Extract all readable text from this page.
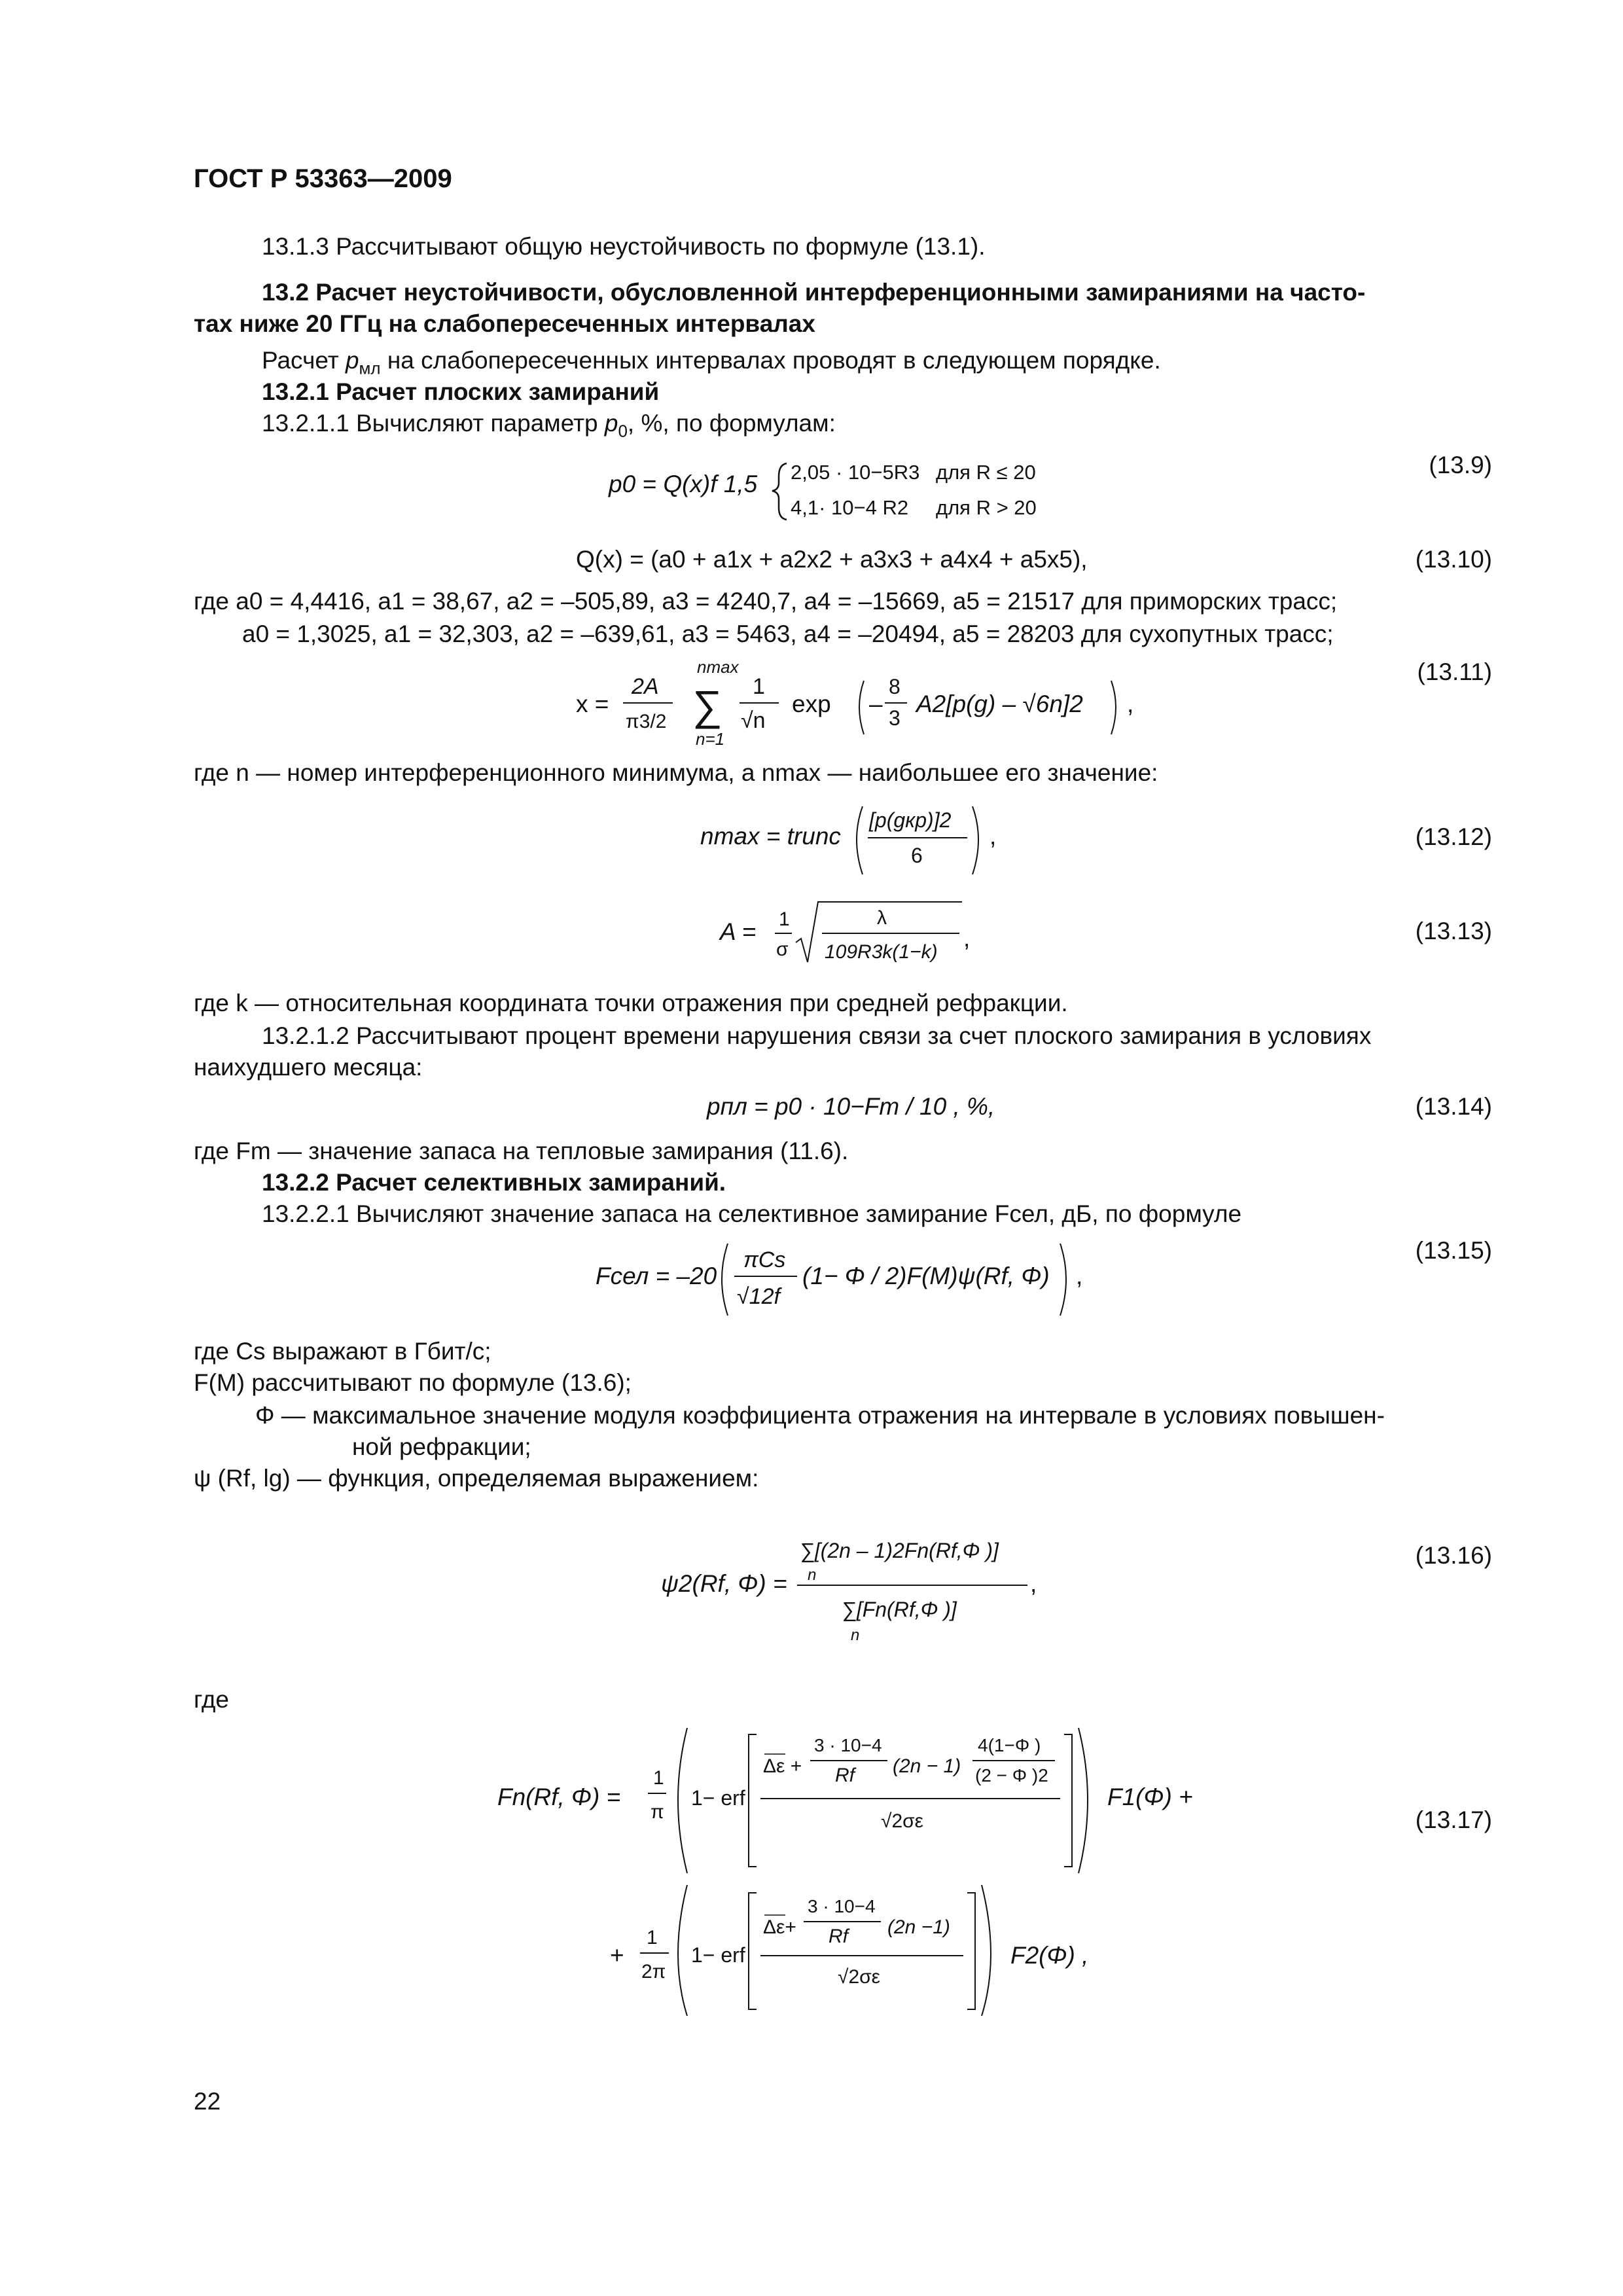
ГОСТ Р 53363—2009
13.1.3 Рассчитывают общую неустойчивость по формуле (13.1).
13.2 Расчет неустойчивости, обусловленной интерференционными замираниями на часто-
тах ниже 20 ГГц на слабопересеченных интервалах
Расчет $p_{мл}$ на слабопересеченных интервалах проводят в следующем порядке.
13.2.1 Расчет плоских замираний
13.2.1.1 Вычисляют параметр $p_0$, %, по формулам:
p0 = Q(x)f 1,5 2,05 · 10−5R3 для R ≤ 20
4,1· 10−4 R2 для R > 20
(13.9)
Q(x) = (a0 + a1x + a2x2 + a3x3 + a4x4 + a5x5),	(13.10)
где a0 = 4,4416, a1 = 38,67, a2 = –505,89, a3 = 4240,7, a4 = –15669, a5 = 21517 для приморских трасс;
a0 = 1,3025, a1 = 32,303, a2 = –639,61, a3 = 5463, a4 = –20494, a5 = 28203 для сухопутных трасс;
x =
2A
π3/2
nmax
∑
n=1
1
√n
exp –
8
3
A2[p(g) – √6n]2 ,
(13.11)
где n — номер интерференционного минимума, а nmax — наибольшее его значение:
nmax = trunc
[p(gкр)]2
6
,	(13.12)
A = 1
σ
λ
109R3k(1−k)
,	(13.13)
где k — относительная координата точки отражения при средней рефракции.
13.2.1.2 Рассчитывают процент времени нарушения связи за счет плоского замирания в условиях
наихудшего месяца:
pпл = p0 · 10−Fm / 10 , %,	(13.14)
где Fm — значение запаса на тепловые замирания (11.6).
13.2.2 Расчет селективных замираний.
13.2.2.1 Вычисляют значение запаса на селективное замирание Fсел, дБ, по формуле
Fсел = –20
πCs
√12f
(1− Φ / 2)F(M)ψ(Rf, Φ) ,
(13.15)
где Cs выражают в Гбит/с;
F(M) рассчитывают по формуле (13.6);
Φ — максимальное значение модуля коэффициента отражения на интервале в условиях повышен-
ной рефракции;
ψ (Rf, lg) — функция, определяемая выражением:
ψ2(Rf, Φ) =
∑[(2n – 1)2Fn(Rf,Φ )]
n
∑[Fn(Rf,Φ )]
n
,
(13.16)
где
Fn(Rf, Φ) =
1
π
1− erf
Δε +
3 · 10−4
Rf (2n − 1)
4(1−Φ )
(2 − Φ )2
√2σε
F1(Φ) +
+
1
2π
1− erf
Δε+
3 · 10−4
Rf (2n −1)
√2σε
F2(Φ) ,
(13.17)
22
